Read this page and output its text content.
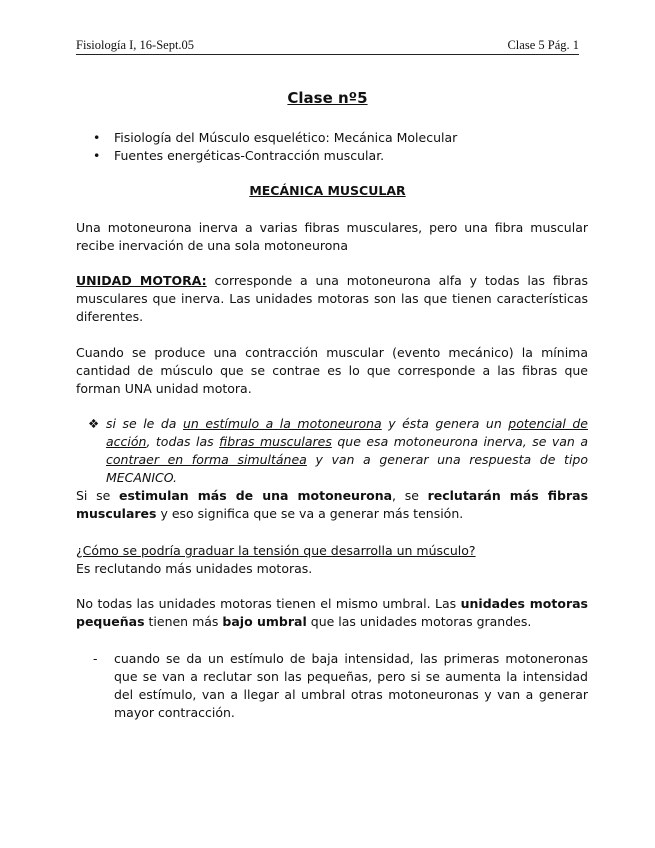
Fisiología I, 16-Sept.05	Clase 5 Pág. 1
Clase nº5
• Fisiología del Músculo esquelético: Mecánica Molecular
• Fuentes energéticas-Contracción muscular.
MECÁNICA MUSCULAR

Una motoneurona inerva a varias fibras musculares, pero una fibra muscular recibe inervación de una sola motoneurona

UNIDAD MOTORA: corresponde a una motoneurona alfa y todas las fibras musculares que inerva. Las unidades motoras son las que tienen características diferentes.

Cuando se produce una contracción muscular (evento mecánico) la mínima cantidad de músculo que se contrae es lo que corresponde a las fibras que forman UNA unidad motora.

❖ si se le da un estímulo a la motoneurona y ésta genera un potencial de acción, todas las fibras musculares que esa motoneurona inerva, se van a contraer en forma simultánea y van a generar una respuesta de tipo MECANICO.

Si se estimulan más de una motoneurona, se reclutarán más fibras musculares y eso significa que se va a generar más tensión.

¿Cómo se podría graduar la tensión que desarrolla un músculo?
Es reclutando más unidades motoras.

No todas las unidades motoras tienen el mismo umbral. Las unidades motoras pequeñas tienen más bajo umbral que las unidades motoras grandes.

- cuando se da un estímulo de baja intensidad, las primeras motoneronas que se van a reclutar son las pequeñas, pero si se aumenta la intensidad del estímulo, van a llegar al umbral otras motoneuronas y van a generar mayor contracción.
